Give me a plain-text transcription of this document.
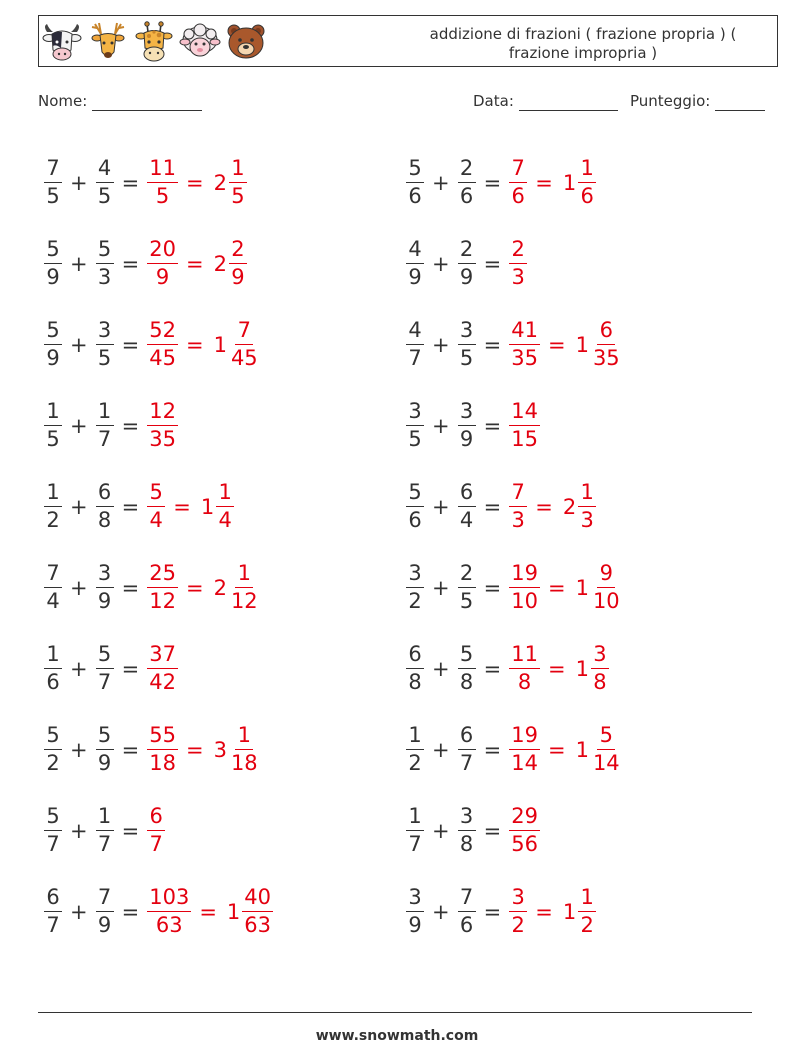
addizione di frazioni ( frazione propria ) ( frazione impropria )
Nome:	Data:	Punteggio:
$\frac{7}{5} + \frac{4}{5} = \frac{11}{5} = 2 \frac{1}{5}$
$\frac{5}{9} + \frac{5}{3} = \frac{20}{9} = 2 \frac{2}{9}$
$\frac{5}{9} + \frac{3}{5} = \frac{52}{45} = 1 \frac{7}{45}$
$\frac{1}{5} + \frac{1}{7} = \frac{12}{35}$
$\frac{1}{2} + \frac{6}{8} = \frac{5}{4} = 1 \frac{1}{4}$
$\frac{7}{4} + \frac{3}{9} = \frac{25}{12} = 2 \frac{1}{12}$
$\frac{1}{6} + \frac{5}{7} = \frac{37}{42}$
$\frac{5}{2} + \frac{5}{9} = \frac{55}{18} = 3 \frac{1}{18}$
$\frac{5}{7} + \frac{1}{7} = \frac{6}{7}$
$\frac{6}{7} + \frac{7}{9} = \frac{103}{63} = 1 \frac{40}{63}$
$\frac{5}{6} + \frac{2}{6} = \frac{7}{6} = 1 \frac{1}{6}$
$\frac{4}{9} + \frac{2}{9} = \frac{2}{3}$
$\frac{4}{7} + \frac{3}{5} = \frac{41}{35} = 1 \frac{6}{35}$
$\frac{3}{5} + \frac{3}{9} = \frac{14}{15}$
$\frac{5}{6} + \frac{6}{4} = \frac{7}{3} = 2 \frac{1}{3}$
$\frac{3}{2} + \frac{2}{5} = \frac{19}{10} = 1 \frac{9}{10}$
$\frac{6}{8} + \frac{5}{8} = \frac{11}{8} = 1 \frac{3}{8}$
$\frac{1}{2} + \frac{6}{7} = \frac{19}{14} = 1 \frac{5}{14}$
$\frac{1}{7} + \frac{3}{8} = \frac{29}{56}$
$\frac{3}{9} + \frac{7}{6} = \frac{3}{2} = 1 \frac{1}{2}$
www.snowmath.com
